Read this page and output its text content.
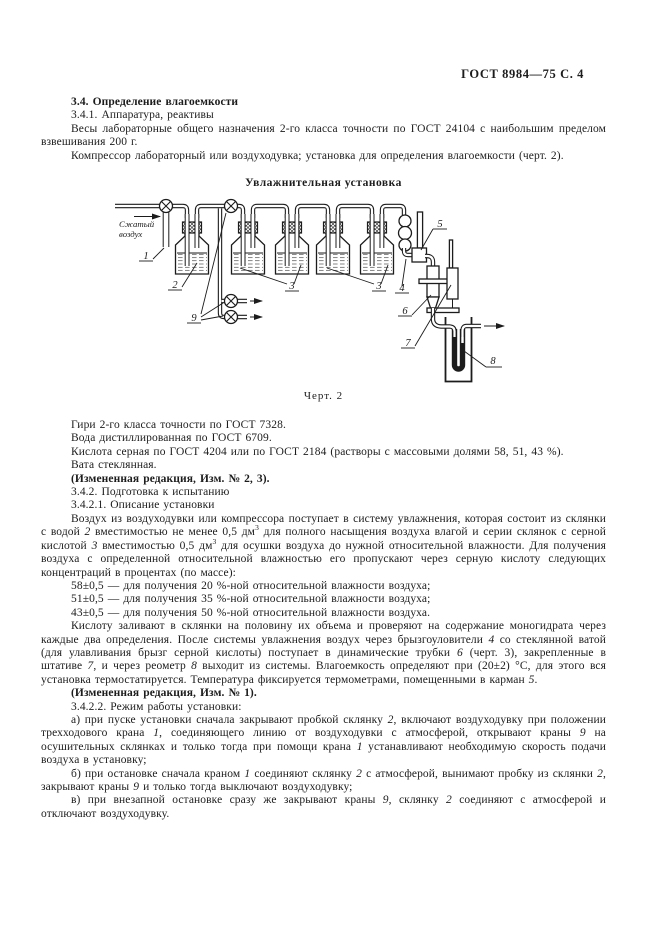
ГОСТ 8984—75 С. 4
3.4. Определение влагоемкости
3.4.1. Аппаратура, реактивы
Весы лабораторные общего назначения 2-го класса точности по ГОСТ 24104 с наибольшим пределом взвешивания 200 г.
Компрессор лабораторный или воздуходувка; установка для определения влагоемкости (черт. 2).
Увлажнительная установка
Сжатый
воздух
1
2
9
3	3 4
5
6
7
8
Черт. 2
Гири 2-го класса точности по ГОСТ 7328.
Вода дистиллированная по ГОСТ 6709.
Кислота серная по ГОСТ 4204 или по ГОСТ 2184 (растворы с массовыми долями 58, 51, 43 %).
Вата стеклянная.
(Измененная редакция, Изм. № 2, 3).
3.4.2. Подготовка к испытанию
3.4.2.1. Описание установки
Воздух из воздуходувки или компрессора поступает в систему увлажнения, которая состоит из склянки с водой 2 вместимостью не менее 0,5 $дм^3$ для полного насыщения воздуха влагой и серии склянок с серной кислотой 3 вместимостью 0,5 $дм^3$ для осушки воздуха до нужной относительной влажности. Для получения воздуха с определенной относительной влажностью его пропускают через серную кислоту следующих концентраций в процентах (по массе):
58±0,5 — для получения 20 %-ной относительной влажности воздуха;
51±0,5 — для получения 35 %-ной относительной влажности воздуха;
43±0,5 — для получения 50 %-ной относительной влажности воздуха.
Кислоту заливают в склянки на половину их объема и проверяют на содержание моногидрата через каждые два определения. После системы увлажнения воздух через брызгоуловители 4 со стеклянной ватой (для улавливания брызг серной кислоты) поступает в динамические трубки 6 (черт. 3), закрепленные в штативе 7, и через реометр 8 выходит из системы. Влагоемкость определяют при (20±2) °С, для этого вся установка термостатируется. Температура фиксируется термометрами, помещенными в карман 5.
(Измененная редакция, Изм. № 1).
3.4.2.2. Режим работы установки:
а) при пуске установки сначала закрывают пробкой склянку 2, включают воздуходувку при положении трехходового крана 1, соединяющего линию от воздуходувки с атмосферой, открывают краны 9 на осушительных склянках и только тогда при помощи крана 1 устанавливают необходимую скорость подачи воздуха в установку;
б) при остановке сначала краном 1 соединяют склянку 2 с атмосферой, вынимают пробку из склянки 2, закрывают краны 9 и только тогда выключают воздуходувку;
в) при внезапной остановке сразу же закрывают краны 9, склянку 2 соединяют с атмосферой и отключают воздуходувку.
